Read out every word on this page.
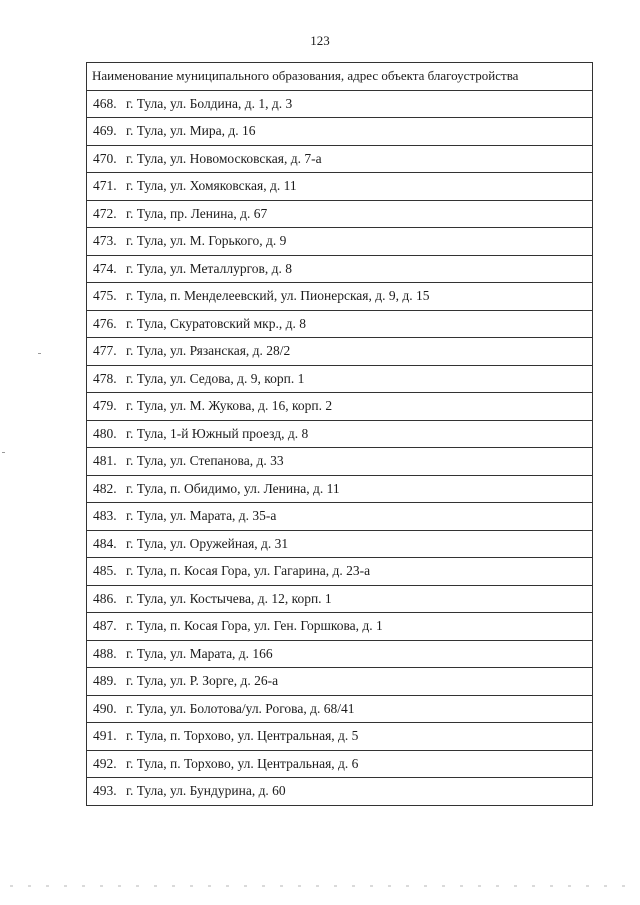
123
Наименование муниципального образования, адрес объекта благоустройства
468. г. Тула, ул. Болдина, д. 1, д. 3
469. г. Тула, ул. Мира, д. 16
470. г. Тула, ул. Новомосковская, д. 7-а
471. г. Тула, ул. Хомяковская, д. 11
472. г. Тула, пр. Ленина, д. 67
473. г. Тула, ул. М. Горького, д. 9
474. г. Тула, ул. Металлургов, д. 8
475. г. Тула, п. Менделеевский, ул. Пионерская, д. 9, д. 15
476. г. Тула, Скуратовский мкр., д. 8
477. г. Тула, ул. Рязанская, д. 28/2
478. г. Тула, ул. Седова, д. 9, корп. 1
479. г. Тула, ул. М. Жукова, д. 16, корп. 2
480. г. Тула, 1-й Южный проезд, д. 8
481. г. Тула, ул. Степанова, д. 33
482. г. Тула, п. Обидимо, ул. Ленина, д. 11
483. г. Тула, ул. Марата, д. 35-а
484. г. Тула, ул. Оружейная, д. 31
485. г. Тула, п. Косая Гора, ул. Гагарина, д. 23-а
486. г. Тула, ул. Костычева, д. 12, корп. 1
487. г. Тула, п. Косая Гора, ул. Ген. Горшкова, д. 1
488. г. Тула, ул. Марата, д. 166
489. г. Тула, ул. Р. Зорге, д. 26-а
490. г. Тула, ул. Болотова/ул. Рогова, д. 68/41
491. г. Тула, п. Торхово, ул. Центральная, д. 5
492. г. Тула, п. Торхово, ул. Центральная, д. 6
493. г. Тула, ул. Бундурина, д. 60
